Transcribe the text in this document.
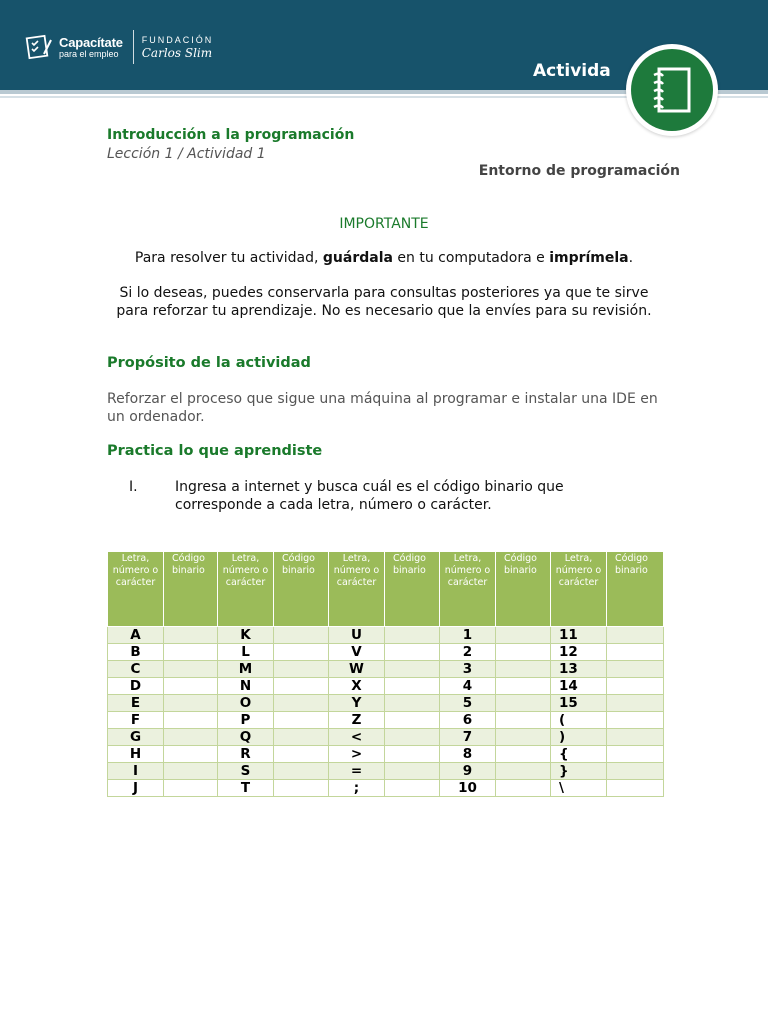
Capacítate
para el empleo
FUNDACIÓN
Carlos Slim
Activida
Introducción a la programación
Lección 1 / Actividad 1
Entorno de programación
IMPORTANTE
Para resolver tu actividad, guárdala en tu computadora e imprímela.
Si lo deseas, puedes conservarla para consultas posteriores ya que te sirve para reforzar tu aprendizaje. No es necesario que la envíes para su revisión.
Propósito de la actividad
Reforzar el proceso que sigue una máquina al programar e instalar una IDE en un ordenador.
Practica lo que aprendiste
I.	Ingresa a internet y busca cuál es el código binario que corresponde a cada letra, número o carácter.
Letra, número o carácter	Código binario	Letra, número o carácter	Código binario	Letra, número o carácter	Código binario	Letra, número o carácter	Código binario	Letra, número o carácter	Código binario
A		K		U		1		11	
B		L		V		2		12	
C		M		W		3		13	
D		N		X		4		14	
E		O		Y		5		15	
F		P		Z		6		(	
G		Q		<		7		)	
H		R		>		8		{	
I		S		=		9		}	
J		T		;		10		\	
